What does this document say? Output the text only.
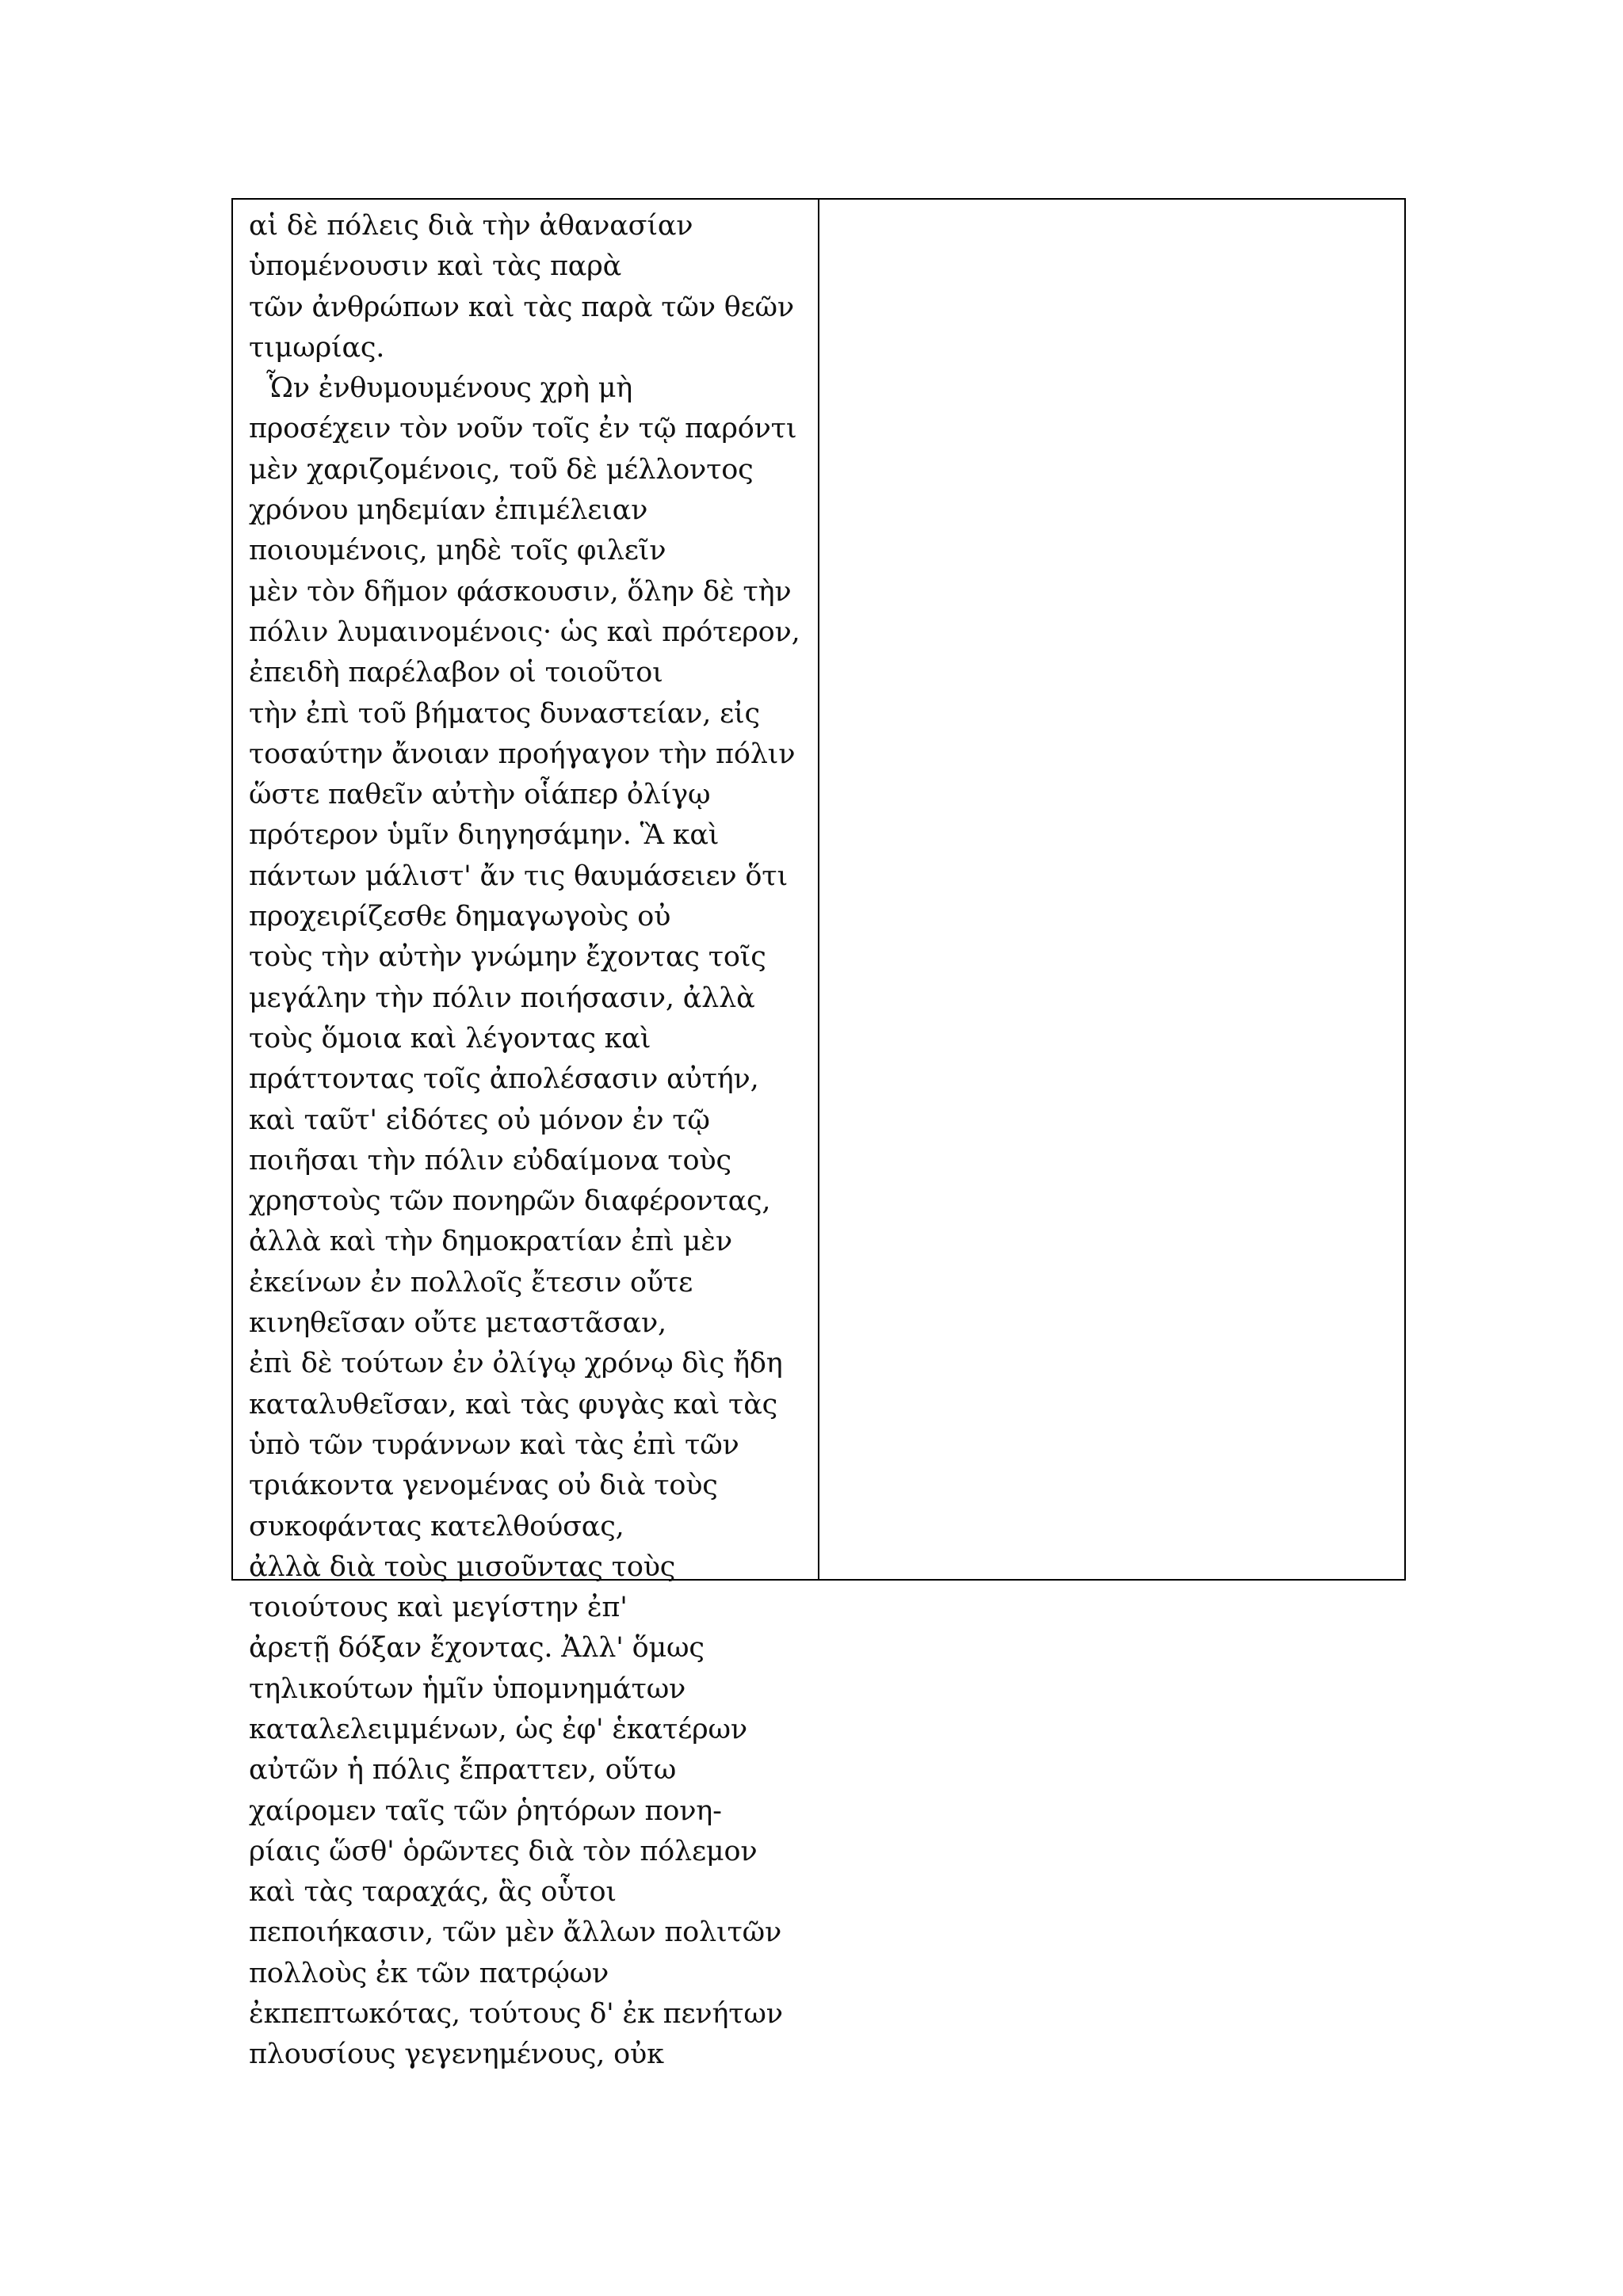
αἱ δὲ πόλεις διὰ τὴν ἀθανασίαν
ὑπομένουσιν καὶ τὰς παρὰ
τῶν ἀνθρώπων καὶ τὰς παρὰ τῶν θεῶν
τιμωρίας.
Ὧν ἐνθυμουμένους χρὴ μὴ
προσέχειν τὸν νοῦν τοῖς ἐν τῷ παρόντι
μὲν χαριζομένοις, τοῦ δὲ μέλλοντος
χρόνου μηδεμίαν ἐπιμέλειαν
ποιουμένοις, μηδὲ τοῖς φιλεῖν
μὲν τὸν δῆμον φάσκουσιν, ὅλην δὲ τὴν
πόλιν λυμαινομένοις· ὡς καὶ πρότερον,
ἐπειδὴ παρέλαβον οἱ τοιοῦτοι
τὴν ἐπὶ τοῦ βήματος δυναστείαν, εἰς
τοσαύτην ἄνοιαν προήγαγον τὴν πόλιν
ὥστε παθεῖν αὐτὴν οἷάπερ ὀλίγῳ
πρότερον ὑμῖν διηγησάμην. Ἃ καὶ
πάντων μάλιστ' ἄν τις θαυμάσειεν ὅτι
προχειρίζεσθε δημαγωγοὺς οὐ
τοὺς τὴν αὐτὴν γνώμην ἔχοντας τοῖς
μεγάλην τὴν πόλιν ποιήσασιν, ἀλλὰ
τοὺς ὅμοια καὶ λέγοντας καὶ
πράττοντας τοῖς ἀπολέσασιν αὐτήν,
καὶ ταῦτ' εἰδότες οὐ μόνον ἐν τῷ
ποιῆσαι τὴν πόλιν εὐδαίμονα τοὺς
χρηστοὺς τῶν πονηρῶν διαφέροντας,
ἀλλὰ καὶ τὴν δημοκρατίαν ἐπὶ μὲν
ἐκείνων ἐν πολλοῖς ἔτεσιν οὔτε
κινηθεῖσαν οὔτε μεταστᾶσαν,
ἐπὶ δὲ τούτων ἐν ὀλίγῳ χρόνῳ δὶς ἤδη
καταλυθεῖσαν, καὶ τὰς φυγὰς καὶ τὰς
ὑπὸ τῶν τυράννων καὶ τὰς ἐπὶ τῶν
τριάκοντα γενομένας οὐ διὰ τοὺς
συκοφάντας κατελθούσας,
ἀλλὰ διὰ τοὺς μισοῦντας τοὺς
τοιούτους καὶ μεγίστην ἐπ'
ἀρετῇ δόξαν ἔχοντας. Ἀλλ' ὅμως
τηλικούτων ἡμῖν ὑπομνημάτων
καταλελειμμένων, ὡς ἐφ' ἑκατέρων
αὐτῶν ἡ πόλις ἔπραττεν, οὕτω
χαίρομεν ταῖς τῶν ῥητόρων πονη-
ρίαις ὥσθ' ὁρῶντες διὰ τὸν πόλεμον
καὶ τὰς ταραχάς, ἃς οὗτοι
πεποιήκασιν, τῶν μὲν ἄλλων πολιτῶν
πολλοὺς ἐκ τῶν πατρῴων
ἐκπεπτωκότας, τούτους δ' ἐκ πενήτων
πλουσίους γεγενημένους, οὐκ
